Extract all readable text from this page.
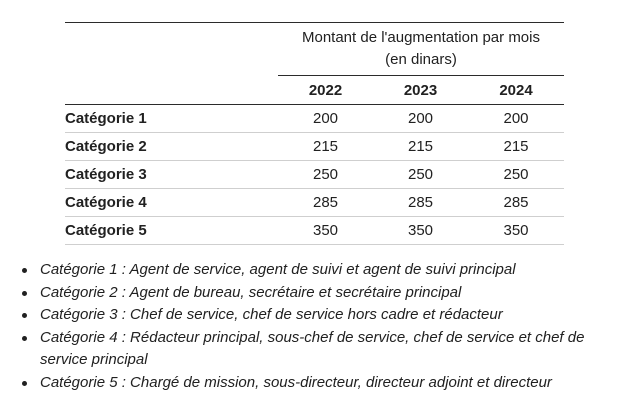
	Montant de l'augmentation par mois
(en dinars)		

	2022	2023	2024
Catégorie 1	200	200	200
Catégorie 2	215	215	215
Catégorie 3	250	250	250
Catégorie 4	285	285	285
Catégorie 5	350	350	350
Catégorie 1 : Agent de service, agent de suivi et agent de suivi principal
Catégorie 2 : Agent de bureau, secrétaire et secrétaire principal
Catégorie 3 : Chef de service, chef de service hors cadre et rédacteur
Catégorie 4 : Rédacteur principal, sous-chef de service, chef de service et chef de service principal
Catégorie 5 : Chargé de mission, sous-directeur, directeur adjoint et directeur
